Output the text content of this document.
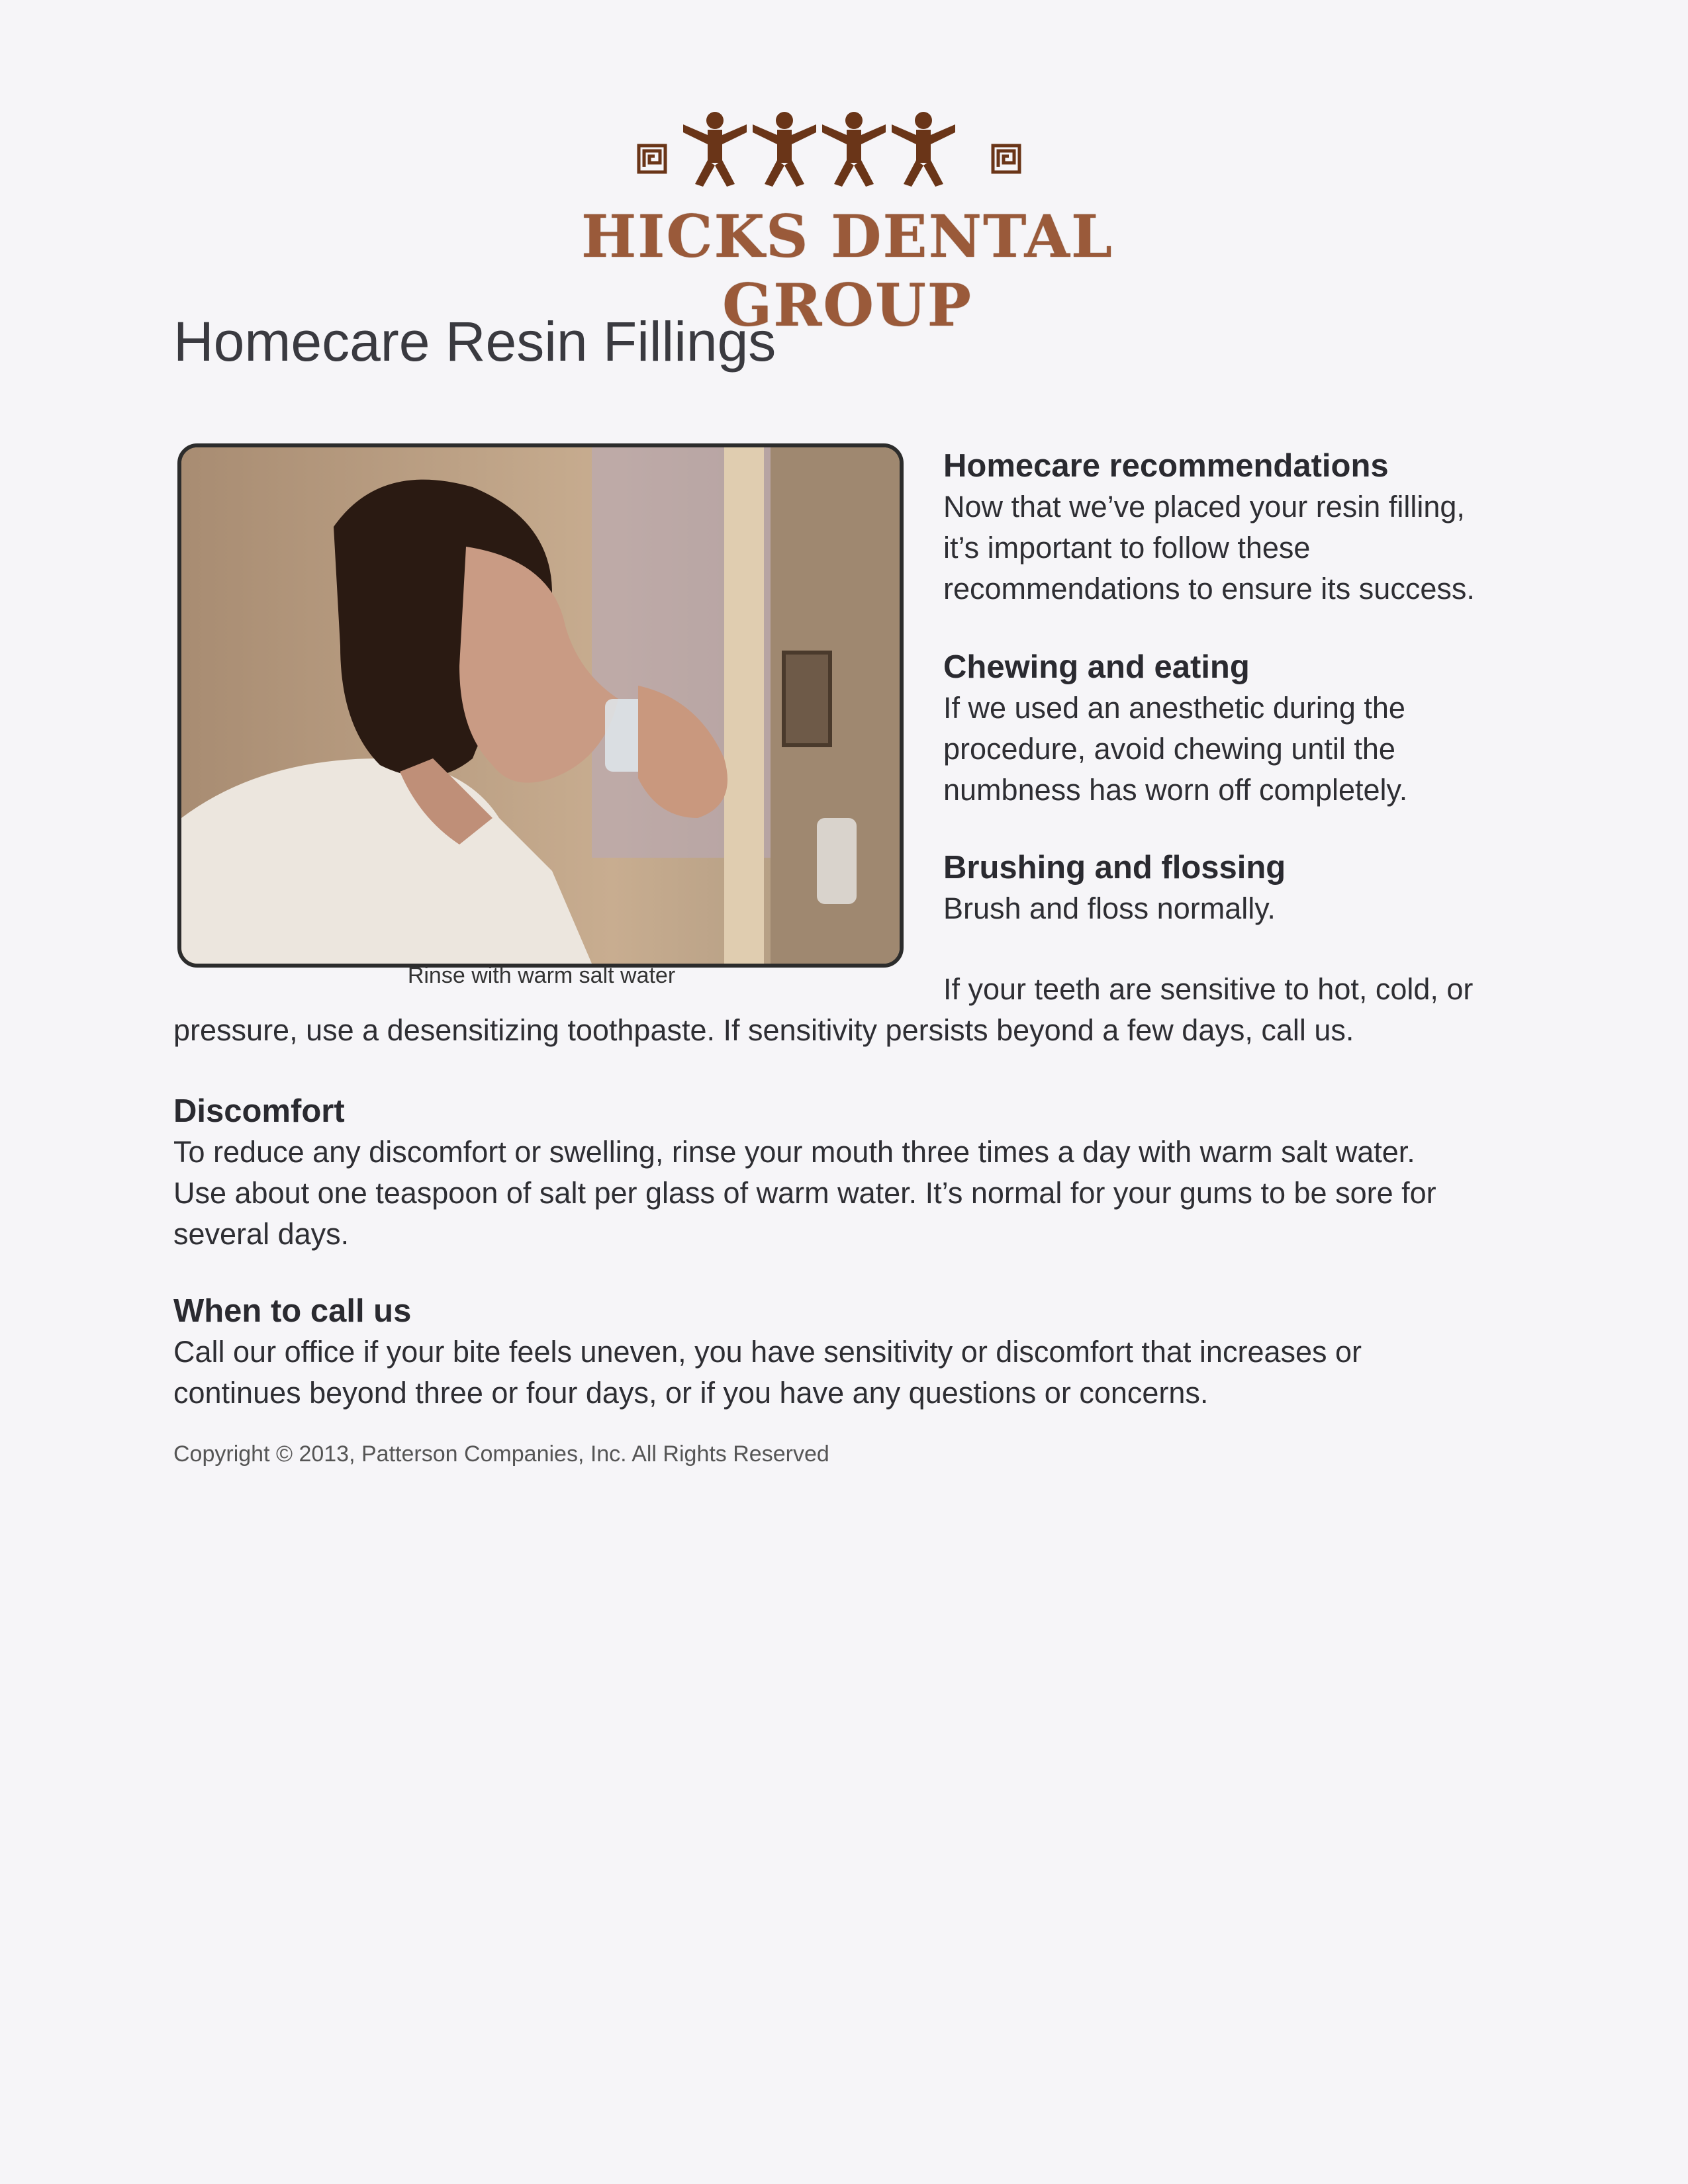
HICKS DENTAL GROUP
Homecare Resin Fillings
Rinse with warm salt water
Homecare recommendations
Now that we’ve placed your resin filling,
it’s important to follow these
recommendations to ensure its success.
Chewing and eating
If we used an anesthetic during the
procedure, avoid chewing until the
numbness has worn off completely.
Brushing and flossing
Brush and floss normally.
If your teeth are sensitive to hot, cold, or
pressure, use a desensitizing toothpaste. If sensitivity persists beyond a few days, call us.
Discomfort
To reduce any discomfort or swelling, rinse your mouth three times a day with warm salt water.
Use about one teaspoon of salt per glass of warm water. It’s normal for your gums to be sore for
several days.
When to call us
Call our office if your bite feels uneven, you have sensitivity or discomfort that increases or
continues beyond three or four days, or if you have any questions or concerns.
Copyright © 2013, Patterson Companies, Inc. All Rights Reserved
